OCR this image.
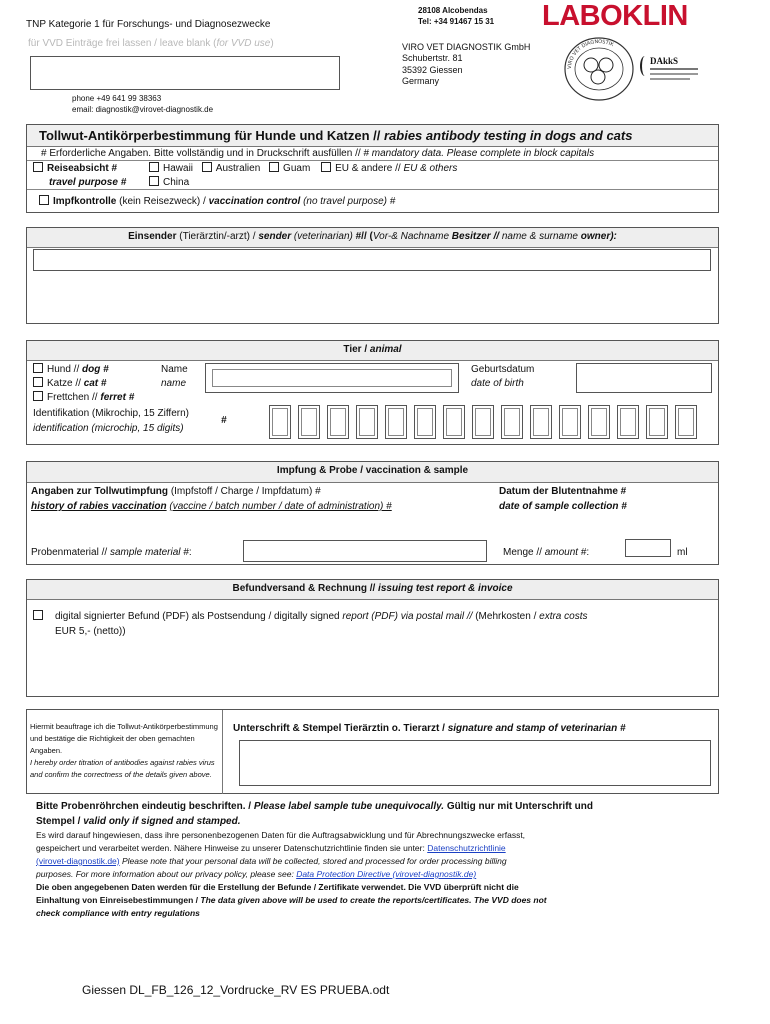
TNP Kategorie 1 für Forschungs- und Diagnosezwecke
für VVD Einträge frei lassen / leave blank (for VVD use)
phone +49 641 99 38363
email: diagnostik@virovet-diagnostik.de
28108 Alcobendas
Tel: +34 91467 15 31 LABOKLIN
VIRO VET DIAGNOSTIK GmbH
Schubertstr. 81
35392 Giessen
Germany
VIRO VET DIAGNOSTIK
DAkkS
Tollwut-Antikörperbestimmung für Hunde und Katzen // rabies antibody testing in dogs and cats
# Erforderliche Angaben. Bitte vollständig und in Druckschrift ausfüllen // # mandatory data. Please complete in block capitals
Reiseabsicht #	Hawaii Australien Guam EU & andere // EU & others
travel purpose #	China
Impfkontrolle (kein Reisezweck) / vaccination control (no travel purpose) #
Einsender (Tierärztin/-arzt) / sender (veterinarian) #// (Vor-& Nachname Besitzer // name & surname owner):
Tier / animal
Hund // dog #
Katze // cat #
Frettchen // ferret #
Name
name
Geburtsdatum
date of birth
Identifikation (Mikrochip, 15 Ziffern)
identification (microchip, 15 digits)
#
Impfung & Probe / vaccination & sample
Angaben zur Tollwutimpfung (Impfstoff / Charge / Impfdatum) #
history of rabies vaccination (vaccine / batch number / date of administration) #
Datum der Blutentnahme #
date of sample collection #
Probenmaterial // sample material #:	Menge // amount #:	ml
Befundversand & Rechnung // issuing test report & invoice
digital signierter Befund (PDF) als Postsendung / digitally signed report (PDF) via postal mail // (Mehrkosten / extra costs
EUR 5,- (netto))
Hiermit beauftrage ich die Tollwut-Antikörperbestimmung und bestätige die Richtigkeit der oben gemachten Angaben.
I hereby order titration of antibodies against rabies virus and confirm the correctness of the details given above.
Unterschrift & Stempel Tierärztin o. Tierarzt / signature and stamp of veterinarian #
Bitte Probenröhrchen eindeutig beschriften. / Please label sample tube unequivocally. Gültig nur mit Unterschrift und
Stempel / valid only if signed and stamped.
Es wird darauf hingewiesen, dass ihre personenbezogenen Daten für die Auftragsabwicklung und für Abrechnungszwecke erfasst,
gespeichert und verarbeitet werden. Nähere Hinweise zu unserer Datenschutzrichtlinie finden sie unter: Datenschutzrichtlinie
(virovet-diagnostik.de) Please note that your personal data will be collected, stored and processed for order processing billing
purposes. For more information about our privacy policy, please see: Data Protection Directive (virovet-diagnostik.de)
Die oben angegebenen Daten werden für die Erstellung der Befunde / Zertifikate verwendet. Die VVD überprüft nicht die
Einhaltung von Einreisebestimmungen / The data given above will be used to create the reports/certificates. The VVD does not
check compliance with entry regulations
Giessen DL_FB_126_12_Vordrucke_RV ES PRUEBA.odt
